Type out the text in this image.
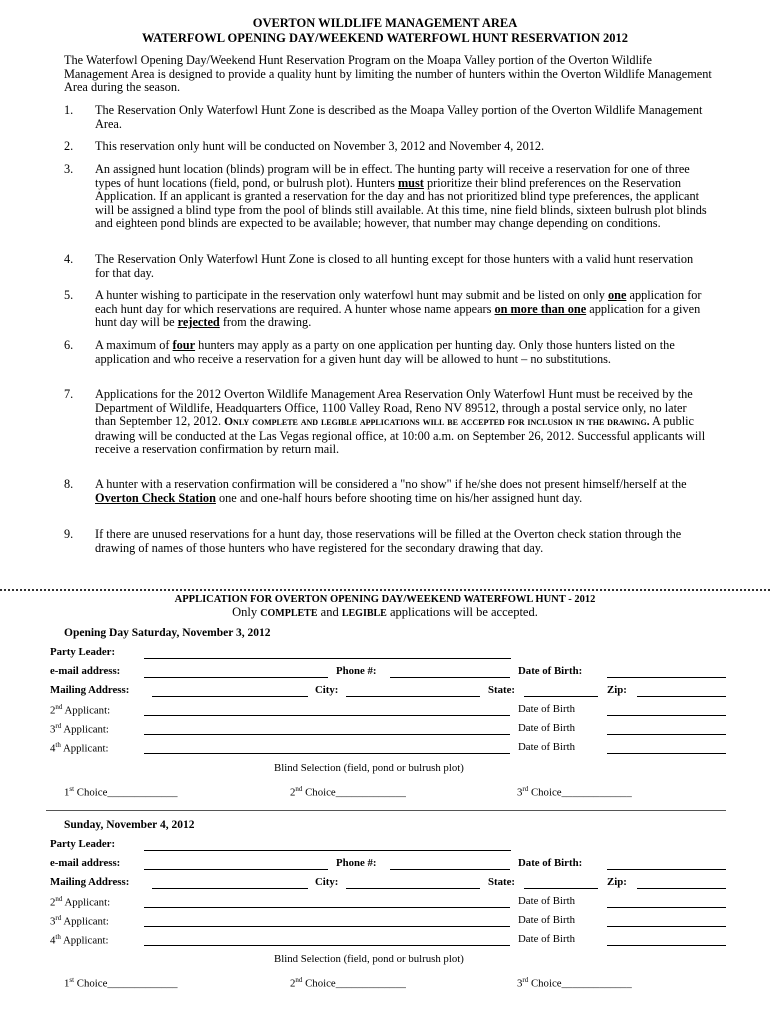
OVERTON WILDLIFE MANAGEMENT AREA
WATERFOWL OPENING DAY/WEEKEND WATERFOWL HUNT RESERVATION 2012
The Waterfowl Opening Day/Weekend Hunt Reservation Program on the Moapa Valley portion of the Overton Wildlife Management Area is designed to provide a quality hunt by limiting the number of hunters within the Overton Wildlife Management Area during the season.
1. The Reservation Only Waterfowl Hunt Zone is described as the Moapa Valley portion of the Overton Wildlife Management Area.
2. This reservation only hunt will be conducted on November 3, 2012 and November 4, 2012.
3. An assigned hunt location (blinds) program will be in effect. The hunting party will receive a reservation for one of three types of hunt locations (field, pond, or bulrush plot). Hunters must prioritize their blind preferences on the Reservation Application. If an applicant is granted a reservation for the day and has not prioritized blind type preferences, the applicant will be assigned a blind type from the pool of blinds still available. At this time, nine field blinds, sixteen bulrush plot blinds and eighteen pond blinds are expected to be available; however, that number may change depending on conditions.
4. The Reservation Only Waterfowl Hunt Zone is closed to all hunting except for those hunters with a valid hunt reservation for that day.
5. A hunter wishing to participate in the reservation only waterfowl hunt may submit and be listed on only one application for each hunt day for which reservations are required. A hunter whose name appears on more than one application for a given hunt day will be rejected from the drawing.
6. A maximum of four hunters may apply as a party on one application per hunting day. Only those hunters listed on the application and who receive a reservation for a given hunt day will be allowed to hunt – no substitutions.
7. Applications for the 2012 Overton Wildlife Management Area Reservation Only Waterfowl Hunt must be received by the Department of Wildlife, Headquarters Office, 1100 Valley Road, Reno NV 89512, through a postal service only, no later than September 12, 2012. Only complete and legible applications will be accepted for inclusion in the drawing. A public drawing will be conducted at the Las Vegas regional office, at 10:00 a.m. on September 26, 2012. Successful applicants will receive a reservation confirmation by return mail.
8. A hunter with a reservation confirmation will be considered a "no show" if he/she does not present himself/herself at the Overton Check Station one and one-half hours before shooting time on his/her assigned hunt day.
9. If there are unused reservations for a hunt day, those reservations will be filled at the Overton check station through the drawing of names of those hunters who have registered for the secondary drawing that day.
APPLICATION FOR OVERTON OPENING DAY/WEEKEND WATERFOWL HUNT - 2012
Only COMPLETE and LEGIBLE applications will be accepted.
Opening Day Saturday, November 3, 2012
Party Leader:
e-mail address:	Phone #:	Date of Birth:
Mailing Address:	City:	State:	Zip:
2nd Applicant:	Date of Birth
3rd Applicant:	Date of Birth
4th Applicant:	Date of Birth
Blind Selection (field, pond or bulrush plot)
1st Choice_____________	2nd Choice_____________	3rd Choice_____________
Sunday, November 4, 2012
Party Leader:
e-mail address:	Phone #:	Date of Birth:
Mailing Address:	City:	State:	Zip:
2nd Applicant:	Date of Birth
3rd Applicant:	Date of Birth
4th Applicant:	Date of Birth
Blind Selection (field, pond or bulrush plot)
1st Choice_____________	2nd Choice_____________	3rd Choice_____________
